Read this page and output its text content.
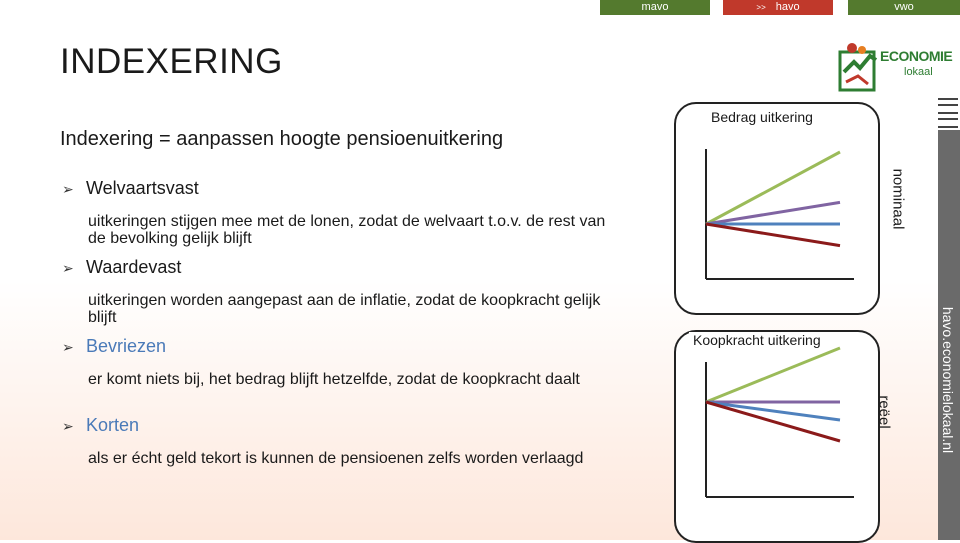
mavo	>> havo	vwo
INDEXERING	ECONOMIE
lokaal
havo.economielokaal.nl
Indexering = aanpassen hoogte pensioenuitkering
➢ Welvaartsvast
uitkeringen stijgen mee met de lonen, zodat de welvaart t.o.v. de rest van de bevolking gelijk blijft
➢ Waardevast
uitkeringen worden aangepast aan de inflatie, zodat de koopkracht gelijk blijft
➢ Bevriezen
er komt niets bij, het bedrag blijft hetzelfde, zodat de koopkracht daalt
➢ Korten
als er écht geld tekort is kunnen de pensioenen zelfs worden verlaagd
Bedrag uitkering
nominaal
Koopkracht uitkering
reëel
